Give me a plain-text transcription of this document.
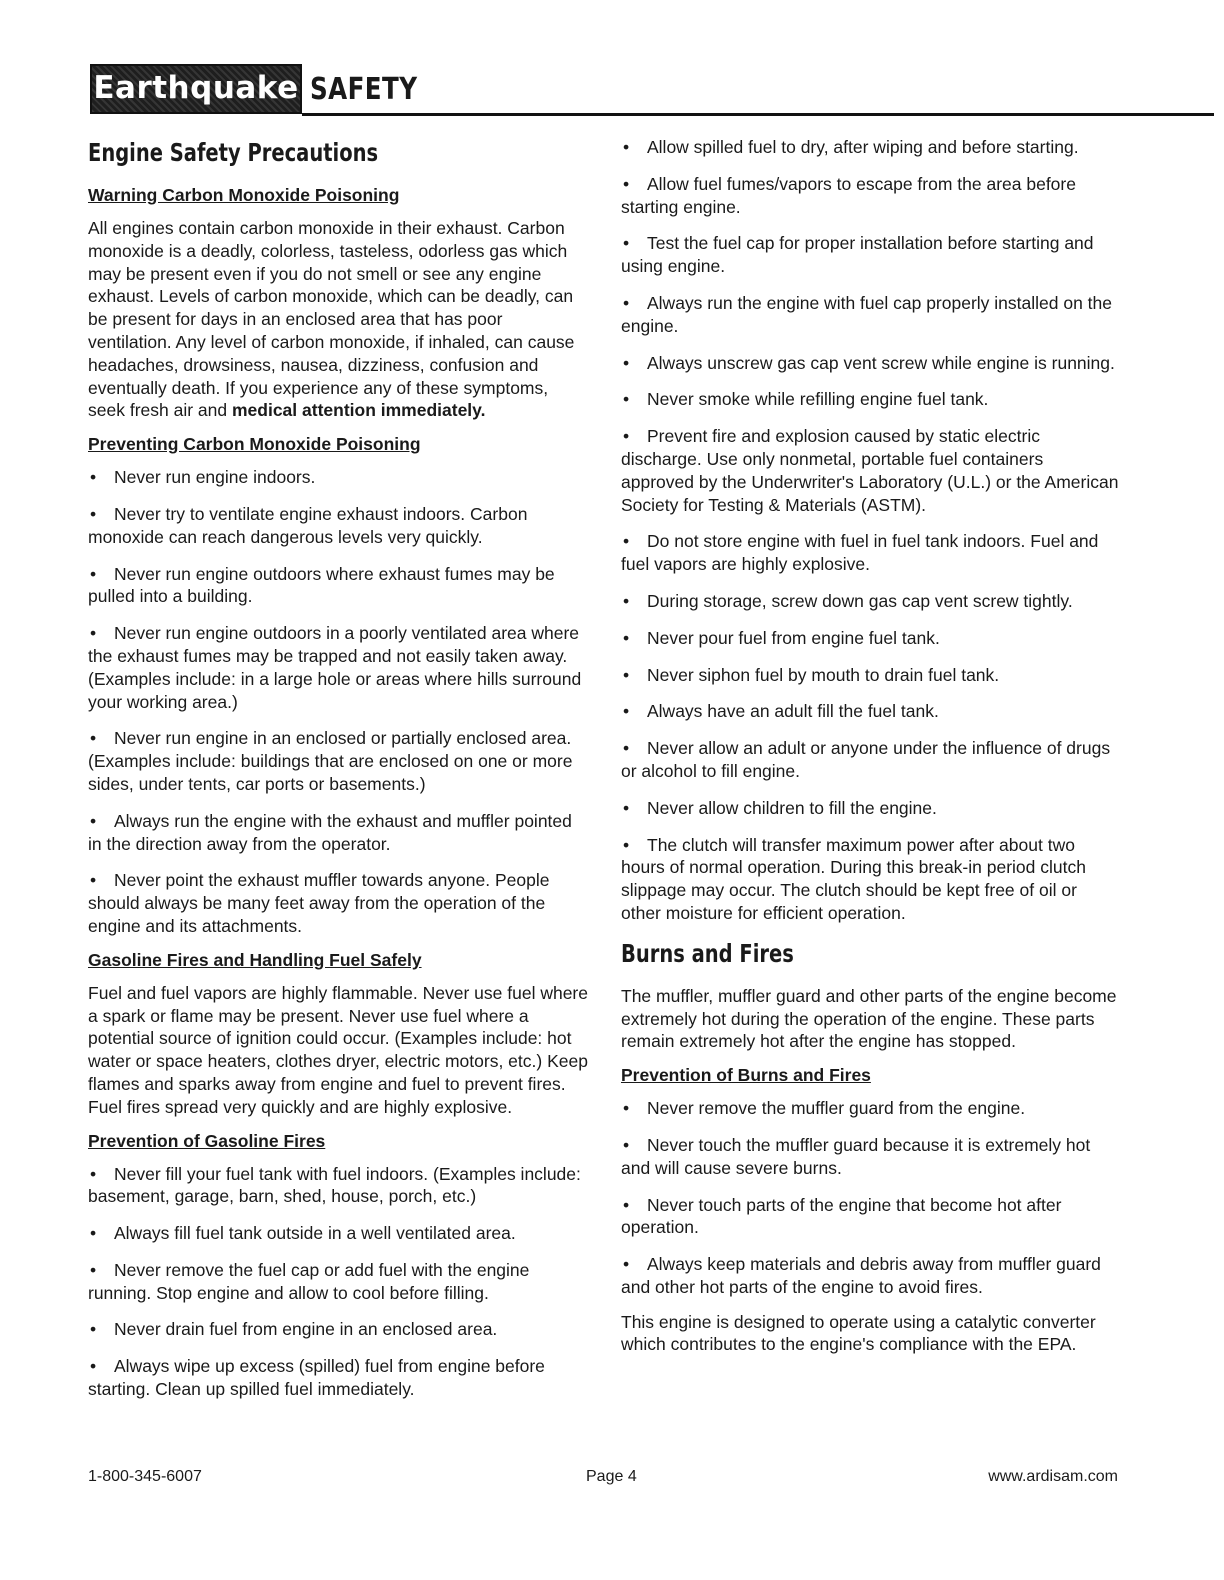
Earthquake SAFETY
Engine Safety Precautions
Warning Carbon Monoxide Poisoning

All engines contain carbon monoxide in their exhaust. Carbon monoxide is a deadly, colorless, tasteless, odorless gas which may be present even if you do not smell or see any engine exhaust. Levels of carbon monoxide, which can be deadly, can be present for days in an enclosed area that has poor ventilation. Any level of carbon monoxide, if inhaled, can cause headaches, drowsiness, nausea, dizziness, confusion and eventually death. If you experience any of these symptoms, seek fresh air and medical attention immediately.

Preventing Carbon Monoxide Poisoning
• Never run engine indoors.
• Never try to ventilate engine exhaust indoors. Carbon monoxide can reach dangerous levels very quickly.
• Never run engine outdoors where exhaust fumes may be pulled into a building.
• Never run engine outdoors in a poorly ventilated area where the exhaust fumes may be trapped and not easily taken away. (Examples include: in a large hole or areas where hills surround your working area.)
• Never run engine in an enclosed or partially enclosed area. (Examples include: buildings that are enclosed on one or more sides, under tents, car ports or basements.)
• Always run the engine with the exhaust and muffler pointed in the direction away from the operator.
• Never point the exhaust muffler towards anyone. People should always be many feet away from the operation of the engine and its attachments.
Gasoline Fires and Handling Fuel Safely

Fuel and fuel vapors are highly flammable. Never use fuel where a spark or flame may be present. Never use fuel where a potential source of ignition could occur. (Examples include: hot water or space heaters, clothes dryer, electric motors, etc.) Keep flames and sparks away from engine and fuel to prevent fires. Fuel fires spread very quickly and are highly explosive.

Prevention of Gasoline Fires
• Never fill your fuel tank with fuel indoors. (Examples include: basement, garage, barn, shed, house, porch, etc.)
• Always fill fuel tank outside in a well ventilated area.
• Never remove the fuel cap or add fuel with the engine running. Stop engine and allow to cool before filling.
• Never drain fuel from engine in an enclosed area.
• Always wipe up excess (spilled) fuel from engine before starting. Clean up spilled fuel immediately.
• Allow spilled fuel to dry, after wiping and before starting.
• Allow fuel fumes/vapors to escape from the area before starting engine.
• Test the fuel cap for proper installation before starting and using engine.
• Always run the engine with fuel cap properly installed on the engine.
• Always unscrew gas cap vent screw while engine is running.
• Never smoke while refilling engine fuel tank.
• Prevent fire and explosion caused by static electric discharge. Use only nonmetal, portable fuel containers approved by the Underwriter's Laboratory (U.L.) or the American Society for Testing & Materials (ASTM).
• Do not store engine with fuel in fuel tank indoors. Fuel and fuel vapors are highly explosive.
• During storage, screw down gas cap vent screw tightly.
• Never pour fuel from engine fuel tank.
• Never siphon fuel by mouth to drain fuel tank.
• Always have an adult fill the fuel tank.
• Never allow an adult or anyone under the influence of drugs or alcohol to fill engine.
• Never allow children to fill the engine.
• The clutch will transfer maximum power after about two hours of normal operation. During this break-in period clutch slippage may occur. The clutch should be kept free of oil or other moisture for efficient operation.
Burns and Fires

The muffler, muffler guard and other parts of the engine become extremely hot during the operation of the engine. These parts remain extremely hot after the engine has stopped.

Prevention of Burns and Fires
• Never remove the muffler guard from the engine.
• Never touch the muffler guard because it is extremely hot and will cause severe burns.
• Never touch parts of the engine that become hot after operation.
• Always keep materials and debris away from muffler guard and other hot parts of the engine to avoid fires.

This engine is designed to operate using a catalytic converter which contributes to the engine's compliance with the EPA.

1-800-345-6007	Page 4	www.ardisam.com
